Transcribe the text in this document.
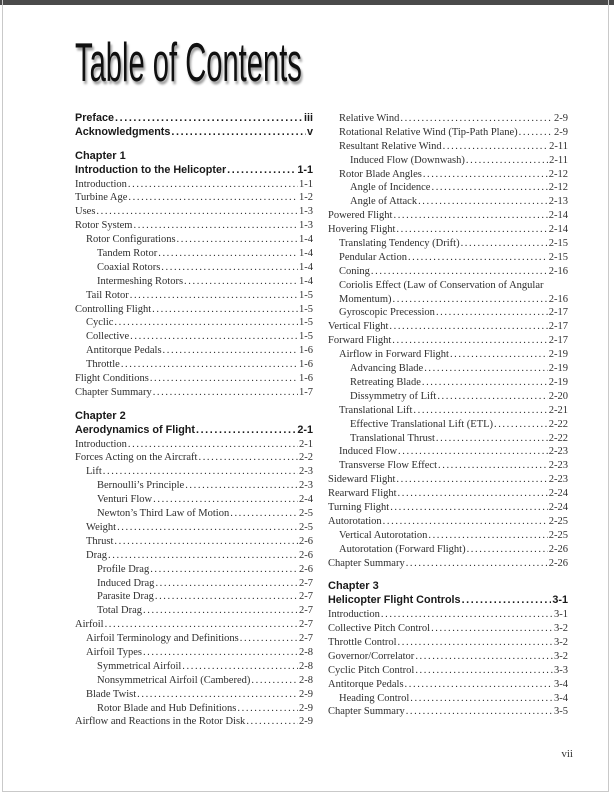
Table of Contents
Preface .....	iii
Acknowledgments .....	v
Chapter 1
Introduction to the Helicopter .....	1-1
Introduction .....	1-1
Turbine Age .....	1-2
Uses .....	1-3
Rotor System .....	1-3
Rotor Configurations .....	1-4
Tandem Rotor .....	1-4
Coaxial Rotors .....	1-4
Intermeshing Rotors .....	1-4
Tail Rotor .....	1-5
Controlling Flight .....	1-5
Cyclic .....	1-5
Collective .....	1-5
Antitorque Pedals .....	1-6
Throttle .....	1-6
Flight Conditions .....	1-6
Chapter Summary .....	1-7
Chapter 2
Aerodynamics of Flight .....	2-1
Introduction .....	2-1
Forces Acting on the Aircraft .....	2-2
Lift .....	2-3
Bernoulli’s Principle .....	2-3
Venturi Flow .....	2-4
Newton’s Third Law of Motion .....	2-5
Weight .....	2-5
Thrust .....	2-6
Drag .....	2-6
Profile Drag .....	2-6
Induced Drag .....	2-7
Parasite Drag .....	2-7
Total Drag .....	2-7
Airfoil .....	2-7
Airfoil Terminology and Definitions .....	2-7
Airfoil Types .....	2-8
Symmetrical Airfoil .....	2-8
Nonsymmetrical Airfoil (Cambered) .....	2-8
Blade Twist .....	2-9
Rotor Blade and Hub Definitions .....	2-9
Airflow and Reactions in the Rotor Disk .....	2-9
Relative Wind .....	2-9
Rotational Relative Wind (Tip-Path Plane) .....	2-9
Resultant Relative Wind .....	2-11
Induced Flow (Downwash) .....	2-11
Rotor Blade Angles .....	2-12
Angle of Incidence .....	2-12
Angle of Attack .....	2-13
Powered Flight .....	2-14
Hovering Flight .....	2-14
Translating Tendency (Drift) .....	2-15
Pendular Action .....	2-15
Coning .....	2-16
Coriolis Effect (Law of Conservation of Angular
Momentum) .....	2-16
Gyroscopic Precession .....	2-17
Vertical Flight .....	2-17
Forward Flight .....	2-17
Airflow in Forward Flight .....	2-19
Advancing Blade .....	2-19
Retreating Blade .....	2-19
Dissymmetry of Lift .....	2-20
Translational Lift .....	2-21
Effective Translational Lift (ETL) .....	2-22
Translational Thrust .....	2-22
Induced Flow .....	2-23
Transverse Flow Effect .....	2-23
Sideward Flight .....	2-23
Rearward Flight .....	2-24
Turning Flight .....	2-24
Autorotation .....	2-25
Vertical Autorotation .....	2-25
Autorotation (Forward Flight) .....	2-26
Chapter Summary .....	2-26
Chapter 3
Helicopter Flight Controls .....	3-1
Introduction .....	3-1
Collective Pitch Control .....	3-2
Throttle Control .....	3-2
Governor/Correlator .....	3-2
Cyclic Pitch Control .....	3-3
Antitorque Pedals .....	3-4
Heading Control .....	3-4
Chapter Summary .....	3-5
vii
